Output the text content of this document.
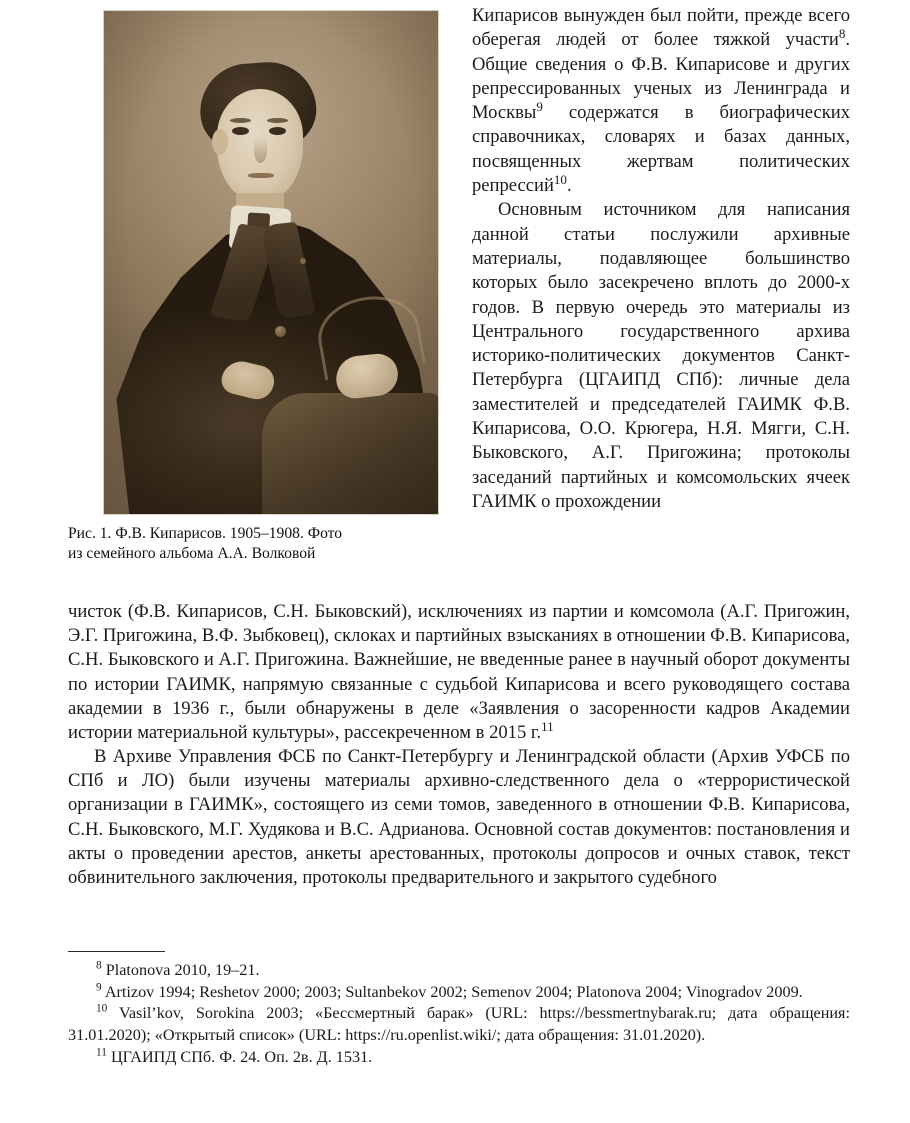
Рис. 1. Ф.В. Кипарисов. 1905–1908. Фото
из семейного альбома А.А. Волковой

Кипарисов вынужден был пойти, прежде всего оберегая людей от более тяжкой участи$^8$. Общие сведения о Ф.В. Кипарисове и других репрессированных ученых из Ленинграда и Москвы$^9$ содержатся в биографических справочниках, словарях и базах данных, посвященных жертвам политических репрессий$^{10}$.

Основным источником для написания данной статьи послужили архивные материалы, подавляющее большинство которых было засекречено вплоть до 2000-х годов. В первую очередь это материалы из Центрального государственного архива историко-политических документов Санкт-Петербурга (ЦГАИПД СПб): личные дела заместителей и председателей ГАИМК Ф.В. Кипарисова, О.О. Крюгера, Н.Я. Мягги, С.Н. Быковского, А.Г. Пригожина; протоколы заседаний партийных и комсомольских ячеек ГАИМК о прохождении

чисток (Ф.В. Кипарисов, С.Н. Быковский), исключениях из партии и комсомола (А.Г. Пригожин, Э.Г. Пригожина, В.Ф. Зыбковец), склоках и партийных взысканиях в отношении Ф.В. Кипарисова, С.Н. Быковского и А.Г. Пригожина. Важнейшие, не введенные ранее в научный оборот документы по истории ГАИМК, напрямую связанные с судьбой Кипарисова и всего руководящего состава академии в 1936 г., были обнаружены в деле «Заявления о засоренности кадров Академии истории материальной культуры», рассекреченном в 2015 г.$^{11}$

В Архиве Управления ФСБ по Санкт-Петербургу и Ленинградской области (Архив УФСБ по СПб и ЛО) были изучены материалы архивно-следственного дела о «террористической организации в ГАИМК», состоящего из семи томов, заведенного в отношении Ф.В. Кипарисова, С.Н. Быковского, М.Г. Худякова и В.С. Адрианова. Основной состав документов: постановления и акты о проведении арестов, анкеты арестованных, протоколы допросов и очных ставок, текст обвинительного заключения, протоколы предварительного и закрытого судебного

$^8$ Platonova 2010, 19–21.

$^9$ Artizov 1994; Reshetov 2000; 2003; Sultanbekov 2002; Semenov 2004; Platonova 2004; Vinogradov 2009.

$^{10}$ Vasil’kov, Sorokina 2003; «Бессмертный барак» (URL: https://bessmertnybarak.ru; дата обращения: 31.01.2020); «Открытый список» (URL: https://ru.openlist.wiki/; дата обращения: 31.01.2020).

$^{11}$ ЦГАИПД СПб. Ф. 24. Оп. 2в. Д. 1531.
